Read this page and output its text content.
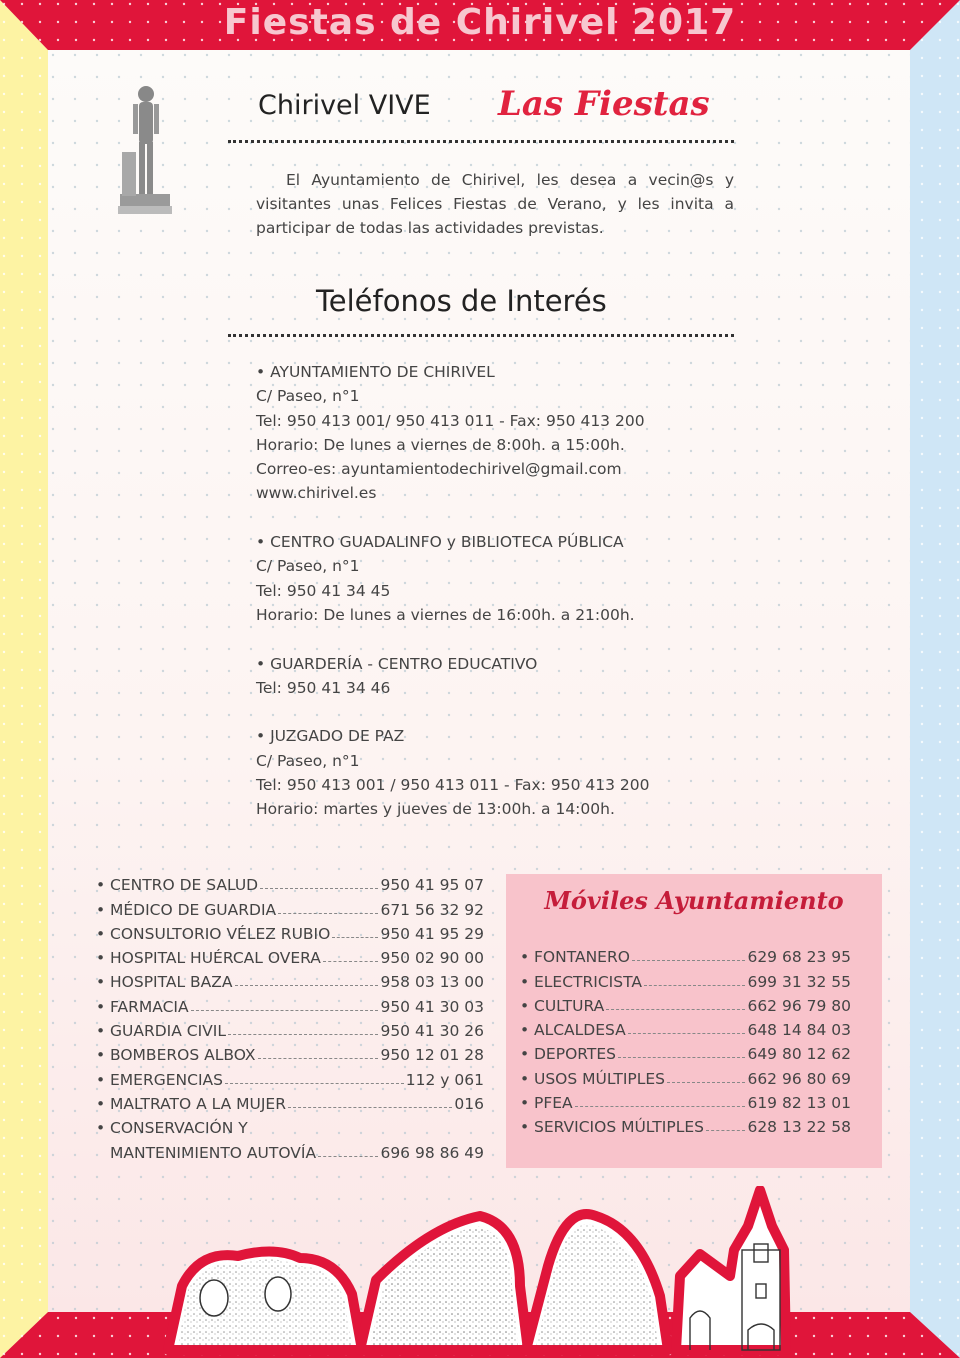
Fiestas de Chirivel 2017
Chirivel VIVE Las Fiestas
El Ayuntamiento de Chirivel, les desea a vecin@s y visitantes unas Felices Fiestas de Verano, y les invita a participar de todas las actividades previstas.
Teléfonos de Interés
• AYUNTAMIENTO DE CHIRIVEL
C/ Paseo, n°1
Tel: 950 413 001/ 950 413 011 - Fax: 950 413 200
Horario: De lunes a viernes de 8:00h. a 15:00h.
Correo-es: ayuntamientodechirivel@gmail.com
www.chirivel.es
• CENTRO GUADALINFO y BIBLIOTECA PÚBLICA
C/ Paseo, n°1
Tel: 950 41 34 45
Horario: De lunes a viernes de 16:00h. a 21:00h.
• GUARDERÍA - CENTRO EDUCATIVO
Tel: 950 41 34 46
• JUZGADO DE PAZ
C/ Paseo, n°1
Tel: 950 413 001 / 950 413 011 - Fax: 950 413 200
Horario: martes y jueves de 13:00h. a 14:00h.
• CENTRO DE SALUD	950 41 95 07
• MÉDICO DE GUARDIA	671 56 32 92
• CONSULTORIO VÉLEZ RUBIO	950 41 95 29
• HOSPITAL HUÉRCAL OVERA	950 02 90 00
• HOSPITAL BAZA	958 03 13 00
• FARMACIA	950 41 30 03
• GUARDIA CIVIL	950 41 30 26
• BOMBEROS ALBOX	950 12 01 28
• EMERGENCIAS	112 y 061
• MALTRATO A LA MUJER	016
• CONSERVACIÓN Y
MANTENIMIENTO AUTOVÍA	696 98 86 49
Móviles Ayuntamiento
• FONTANERO	629 68 23 95
• ELECTRICISTA	699 31 32 55
• CULTURA	662 96 79 80
• ALCALDESA	648 14 84 03
• DEPORTES	649 80 12 62
• USOS MÚLTIPLES	662 96 80 69
• PFEA	619 82 13 01
• SERVICIOS MÚLTIPLES	628 13 22 58
